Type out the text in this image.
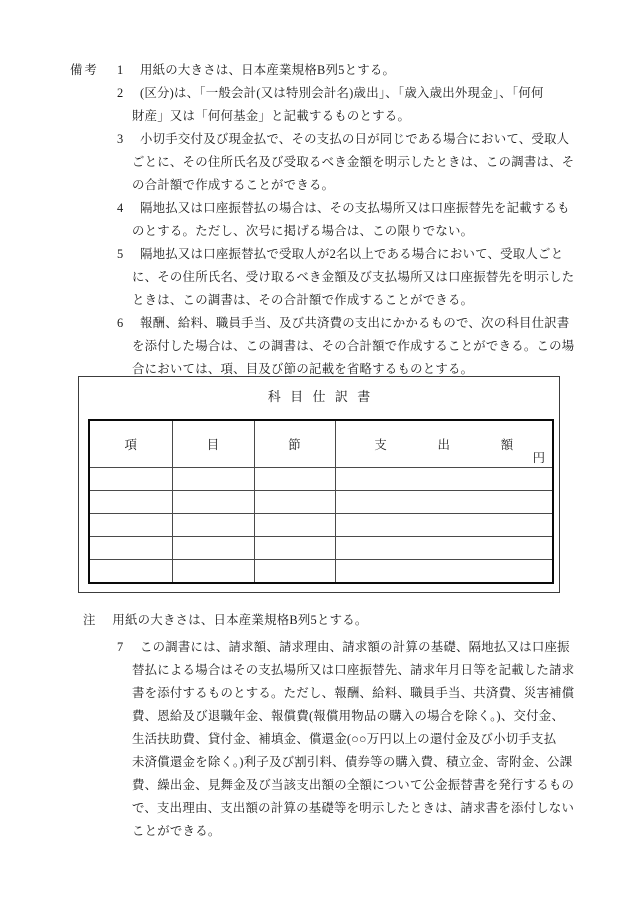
備考 1	用紙の大きさは、日本産業規格B列5とする。
2	(区分)は、「一般会計(又は特別会計名)歳出」、「歳入歳出外現金」、「何何
財産」又は「何何基金」と記載するものとする。
3	小切手交付及び現金払で、その支払の日が同じである場合において、受取人
ごとに、その住所氏名及び受取るべき金額を明示したときは、この調書は、そ
の合計額で作成することができる。
4	隔地払又は口座振替払の場合は、その支払場所又は口座振替先を記載するも
のとする。ただし、次号に掲げる場合は、この限りでない。
5	隔地払又は口座振替払で受取人が2名以上である場合において、受取人ごと
に、その住所氏名、受け取るべき金額及び支払場所又は口座振替先を明示した
ときは、この調書は、その合計額で作成することができる。
6	報酬、給料、職員手当、及び共済費の支出にかかるもので、次の科目仕訳書
を添付した場合は、この調書は、その合計額で作成することができる。この場
合においては、項、目及び節の記載を省略するものとする。
科目仕訳書
項	目	節	支出額
円

注 用紙の大きさは、日本産業規格B列5とする。
7	この調書には、請求額、請求理由、請求額の計算の基礎、隔地払又は口座振
替払による場合はその支払場所又は口座振替先、請求年月日等を記載した請求
書を添付するものとする。ただし、報酬、給料、職員手当、共済費、災害補償
費、恩給及び退職年金、報償費(報償用物品の購入の場合を除く。)、交付金、
生活扶助費、貸付金、補填金、償還金(○○万円以上の還付金及び小切手支払
未済償還金を除く。)利子及び割引料、債券等の購入費、積立金、寄附金、公課
費、繰出金、見舞金及び当該支出額の全額について公金振替書を発行するもの
で、支出理由、支出額の計算の基礎等を明示したときは、請求書を添付しない
ことができる。
